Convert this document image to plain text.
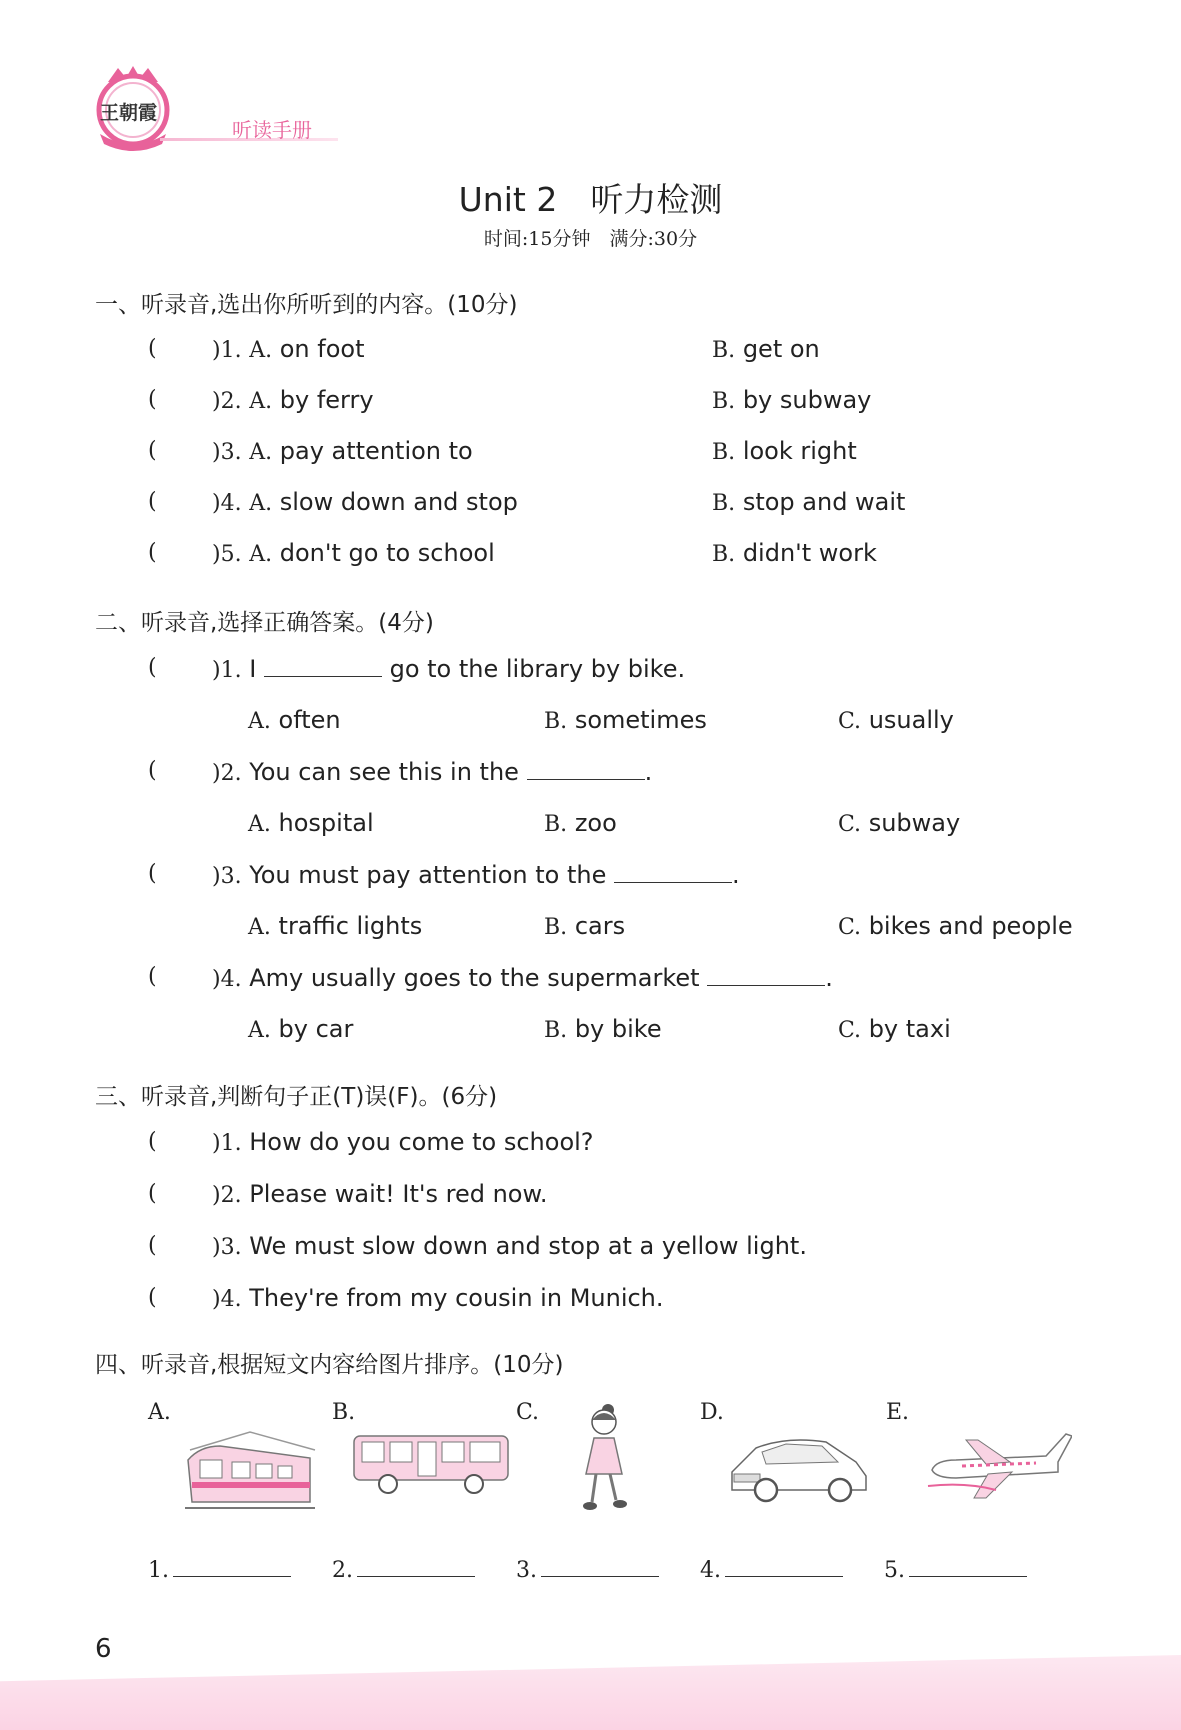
王朝霞
听读手册
Unit 2　听力检测
时间:15分钟　满分:30分
一、听录音,选出你所听到的内容。(10分)
(	)1. A. on foot	B. get on
(	)2. A. by ferry	B. by subway
(	)3. A. pay attention to	B. look right
(	)4. A. slow down and stop	B. stop and wait
(	)5. A. don't go to school	B. didn't work
二、听录音,选择正确答案。(4分)
(	)1. I	go to the library by bike.
A. often	B. sometimes	C. usually
(	)2. You can see this in the	.
A. hospital	B. zoo	C. subway
(	)3. You must pay attention to the	.
A. traffic lights	B. cars	C. bikes and people
(	)4. Amy usually goes to the supermarket	.
A. by car	B. by bike	C. by taxi
三、听录音,判断句子正(T)误(F)。(6分)
(	)1. How do you come to school?
(	)2. Please wait! It's red now.
(	)3. We must slow down and stop at a yellow light.
(	)4. They're from my cousin in Munich.
四、听录音,根据短文内容给图片排序。(10分)
A.	B.	C.	D.	E.
1.	2.	3.	4.	5.
6
